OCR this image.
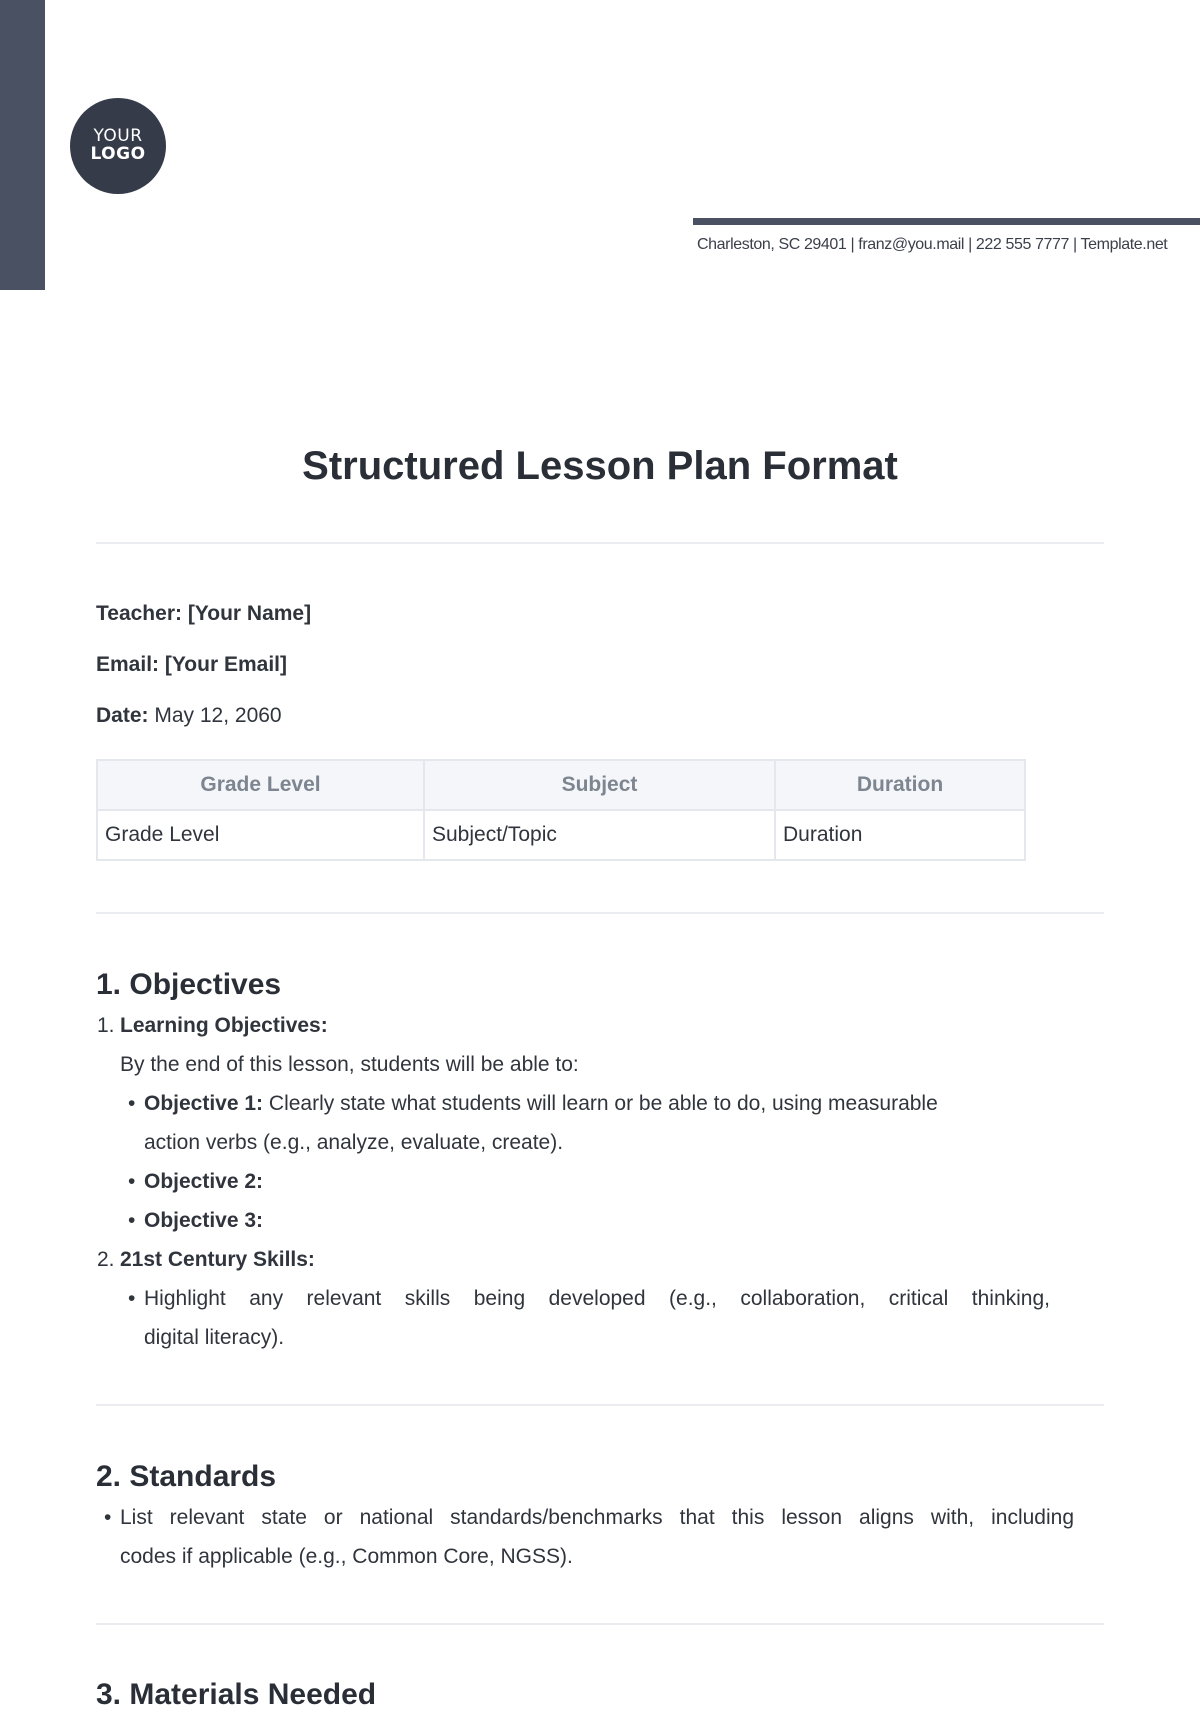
YOUR
LOGO
Charleston, SC 29401 | franz@you.mail | 222 555 7777 | Template.net
Structured Lesson Plan Format
Teacher: [Your Name]
Email: [Your Email]
Date: May 12, 2060
Grade Level	Subject	Duration
Grade Level	Subject/Topic	Duration
1. Objectives
1. Learning Objectives:
By the end of this lesson, students will be able to:
• Objective 1: Clearly state what students will learn or be able to do, using measurable
action verbs (e.g., analyze, evaluate, create).
• Objective 2:
• Objective 3:
2. 21st Century Skills:
• Highlight any relevant skills being developed (e.g., collaboration, critical thinking,
digital literacy).
2. Standards
• List relevant state or national standards/benchmarks that this lesson aligns with, including
codes if applicable (e.g., Common Core, NGSS).
3. Materials Needed
